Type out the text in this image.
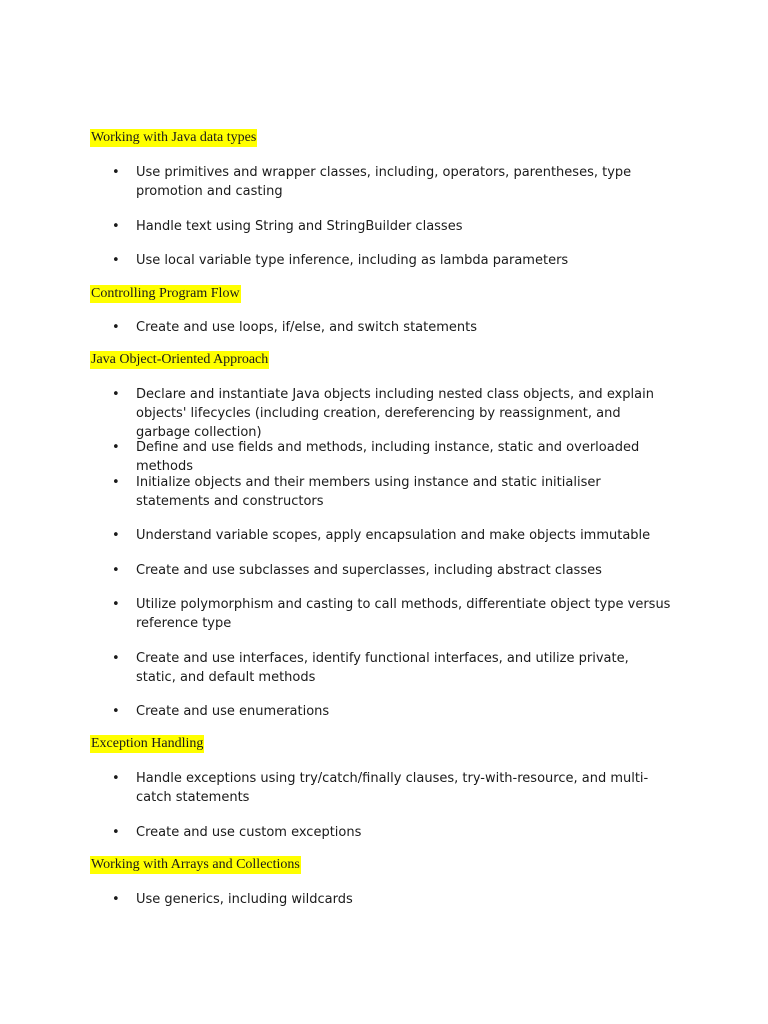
Working with Java data types
•	Use primitives and wrapper classes, including, operators, parentheses, type promotion and casting
•	Handle text using String and StringBuilder classes
•	Use local variable type inference, including as lambda parameters
Controlling Program Flow
•	Create and use loops, if/else, and switch statements
Java Object-Oriented Approach
•	Declare and instantiate Java objects including nested class objects, and explain objects' lifecycles (including creation, dereferencing by reassignment, and garbage collection)
•	Define and use fields and methods, including instance, static and overloaded methods
•	Initialize objects and their members using instance and static initialiser statements and constructors
•	Understand variable scopes, apply encapsulation and make objects immutable
•	Create and use subclasses and superclasses, including abstract classes
•	Utilize polymorphism and casting to call methods, differentiate object type versus reference type
•	Create and use interfaces, identify functional interfaces, and utilize private, static, and default methods
•	Create and use enumerations
Exception Handling
•	Handle exceptions using try/catch/finally clauses, try-with-resource, and multi-catch statements
•	Create and use custom exceptions
Working with Arrays and Collections
•	Use generics, including wildcards
